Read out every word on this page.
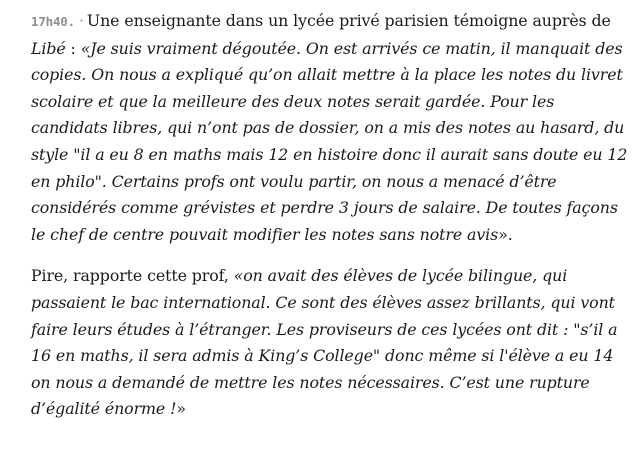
17h40. · Une enseignante dans un lycée privé parisien témoigne auprès de
Libé : «Je suis vraiment dégoutée. On est arrivés ce matin, il manquait des copies. On nous a expliqué qu’on allait mettre à la place les notes du livret scolaire et que la meilleure des deux notes serait gardée. Pour les candidats libres, qui n’ont pas de dossier, on a mis des notes au hasard, du style "il a eu 8 en maths mais 12 en histoire donc il aurait sans doute eu 12 en philo". Certains profs ont voulu partir, on nous a menacé d’être considérés comme grévistes et perdre 3 jours de salaire. De toutes façons le chef de centre pouvait modifier les notes sans notre avis».

Pire, rapporte cette prof, «on avait des élèves de lycée bilingue, qui passaient le bac international. Ce sont des élèves assez brillants, qui vont faire leurs études à l’étranger. Les proviseurs de ces lycées ont dit : "s’il a 16 en maths, il sera admis à King’s College" donc même si l'élève a eu 14 on nous a demandé de mettre les notes nécessaires. C’est une rupture d’égalité énorme !»
